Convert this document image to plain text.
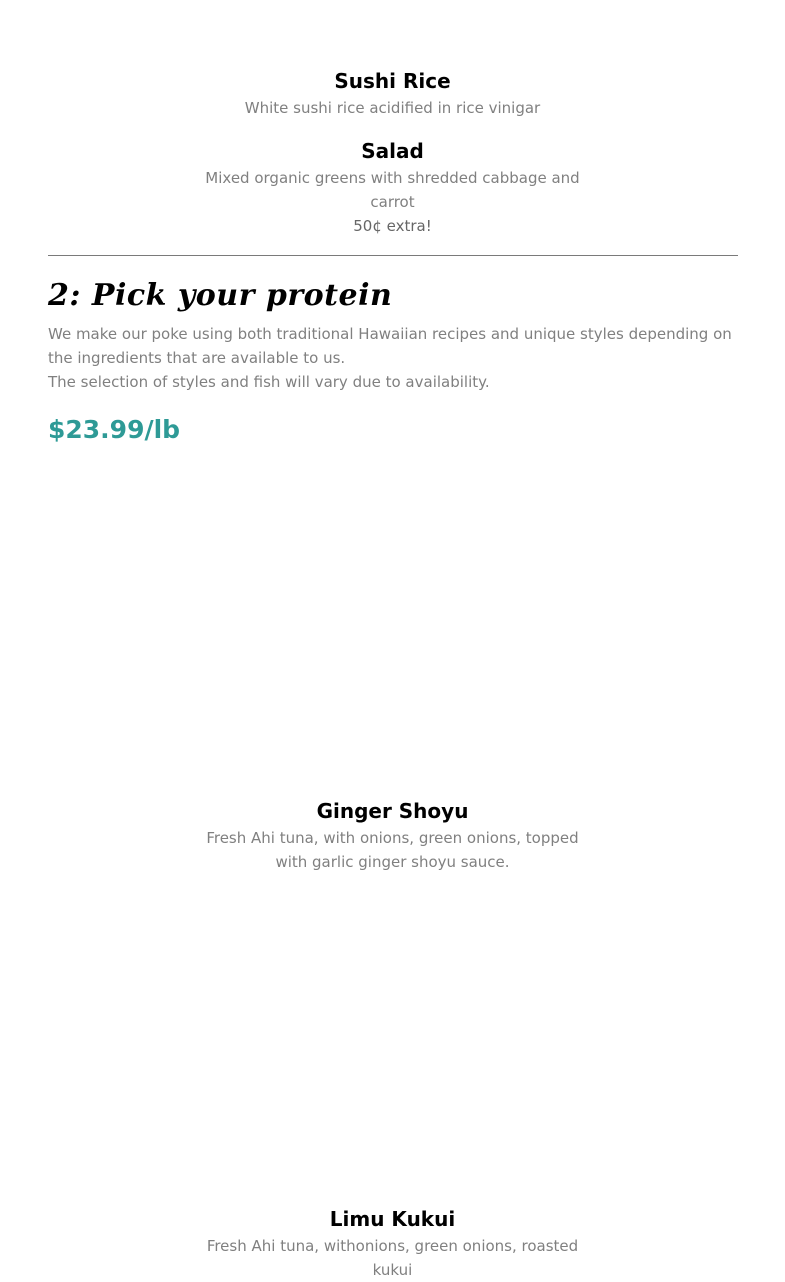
Sushi Rice

White sushi rice acidified in rice vinigar

Salad

Mixed organic greens with shredded cabbage and carrot

50¢ extra!

2: Pick your protein

We make our poke using both traditional Hawaiian recipes and unique styles depending on the ingredients that are available to us.

The selection of styles and fish will vary due to availability.

$23.99/lb
Ginger Shoyu

Fresh Ahi tuna, with onions, green onions, topped with garlic ginger shoyu sauce.

Limu Kukui

Fresh Ahi tuna, withonions, green onions, roasted kukui
